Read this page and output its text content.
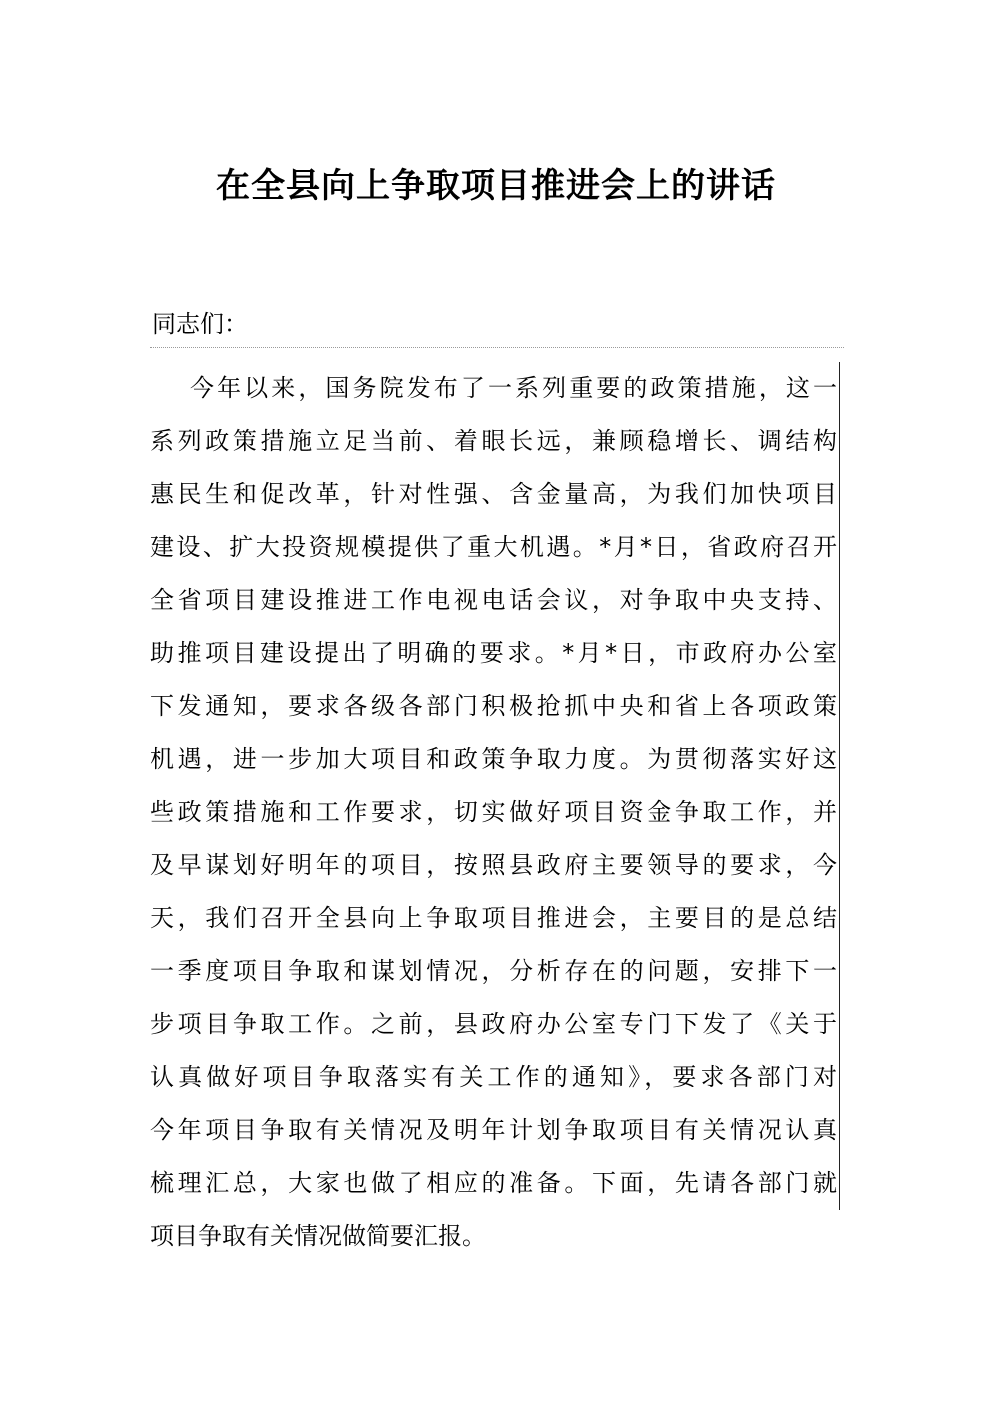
在全县向上争取项目推进会上的讲话
同志们：
今年以来，国务院发布了一系列重要的政策措施，这一
系列政策措施立足当前、着眼长远，兼顾稳增长、调结构
惠民生和促改革，针对性强、含金量高，为我们加快项目
建设、扩大投资规模提供了重大机遇。*月*日，省政府召开
全省项目建设推进工作电视电话会议，对争取中央支持、
助推项目建设提出了明确的要求。*月*日，市政府办公室
下发通知，要求各级各部门积极抢抓中央和省上各项政策
机遇，进一步加大项目和政策争取力度。为贯彻落实好这
些政策措施和工作要求，切实做好项目资金争取工作，并
及早谋划好明年的项目，按照县政府主要领导的要求，今
天，我们召开全县向上争取项目推进会，主要目的是总结
一季度项目争取和谋划情况，分析存在的问题，安排下一
步项目争取工作。之前，县政府办公室专门下发了《关于
认真做好项目争取落实有关工作的通知》，要求各部门对
今年项目争取有关情况及明年计划争取项目有关情况认真
梳理汇总，大家也做了相应的准备。下面，先请各部门就
项目争取有关情况做简要汇报。
